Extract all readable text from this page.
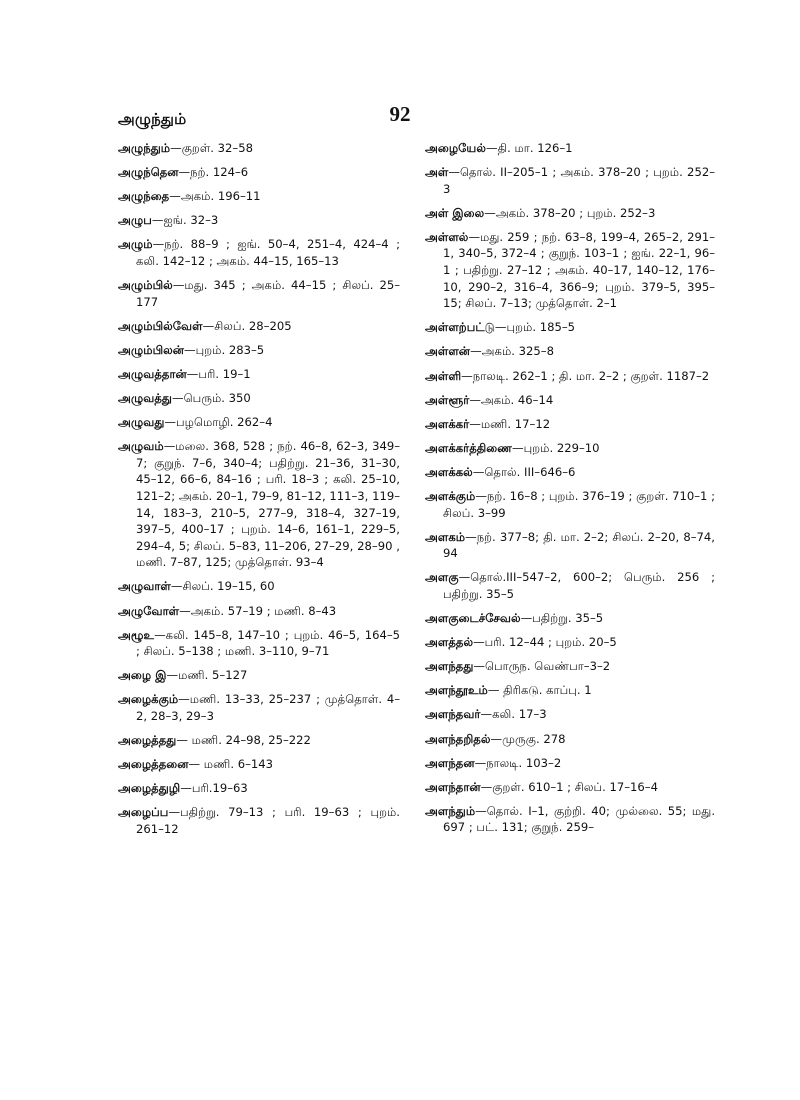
அழுந்தும்	92

அழுந்தும்—குறள். 32–58

அழுந்தென—நற். 124–6

அழுந்தை—அகம். 196–11

அழுப—ஐங். 32–3

அழும்—நற். 88–9 ; ஐங். 50–4, 251–4, 424–4 ; கலி. 142–12 ; அகம். 44–15, 165–13

அழும்பில்—மது. 345 ; அகம். 44–15 ; சிலப். 25–177

அழும்பில்வேள்—சிலப். 28–205

அழும்பிலன்—புறம். 283–5

அழுவத்தான்—பரி. 19–1

அழுவத்து—பெரும். 350

அழுவது—பழமொழி. 262–4

அழுவம்—மலை. 368, 528 ; நற். 46–8, 62–3, 349–7; குறுந். 7–6, 340–4; பதிற்று. 21–36, 31–30, 45–12, 66–6, 84–16 ; பரி. 18–3 ; கலி. 25–10, 121–2; அகம். 20–1, 79–9, 81–12, 111–3, 119–14, 183–3, 210–5, 277–9, 318–4, 327–19, 397–5, 400–17 ; புறம். 14–6, 161–1, 229–5, 294–4, 5; சிலப். 5–83, 11–206, 27–29, 28–90 , மணி. 7–87, 125; முத்தொள். 93–4

அழுவாள்—சிலப். 19–15, 60

அழுவோள்—அகம். 57–19 ; மணி. 8–43

அழூஉ—கலி. 145–8, 147–10 ; புறம். 46–5, 164–5 ; சிலப். 5–138 ; மணி. 3–110, 9–71

அழை இ—மணி. 5–127

அழைக்கும்—மணி. 13–33, 25–237 ; முத்தொள். 4–2, 28–3, 29–3

அழைத்தது— மணி. 24–98, 25–222

அழைத்தனை— மணி. 6–143

அழைத்துழி—பரி.19–63

அழைப்ப—பதிற்று. 79–13 ; பரி. 19–63 ; புறம். 261–12

அழையேல்—தி. மா. 126–1

அள்—தொல். II–205–1 ; அகம். 378–20 ; புறம். 252–3

அள் இலை—அகம். 378–20 ; புறம். 252–3

அள்ளல்—மது. 259 ; நற். 63–8, 199–4, 265–2, 291–1, 340–5, 372–4 ; குறுந். 103–1 ; ஐங். 22–1, 96–1 ; பதிற்று. 27–12 ; அகம். 40–17, 140–12, 176–10, 290–2, 316–4, 366–9; புறம். 379–5, 395–15; சிலப். 7–13; முத்தொள். 2–1

அள்ளற்பட்டு—புறம். 185–5

அள்ளன்—அகம். 325–8

அள்ளி—நாலடி. 262–1 ; தி. மா. 2–2 ; குறள். 1187–2

அள்ளூர்—அகம். 46–14

அளக்கர்—மணி. 17–12

அளக்கர்த்திணை—புறம். 229–10

அளக்கல்—தொல். III–646–6

அளக்கும்—நற். 16–8 ; புறம். 376–19 ; குறள். 710–1 ; சிலப். 3–99

அளகம்—நற். 377–8; தி. மா. 2–2; சிலப். 2–20, 8–74, 94

அளகு—தொல்.III–547–2, 600–2; பெரும். 256 ; பதிற்று. 35–5

அளகுடைச்சேவல்—பதிற்று. 35–5

அளத்தல்—பரி. 12–44 ; புறம். 20–5

அளந்தது—பொருந. வெண்பா–3–2

அளந்தூஉம்— திரிகடு. காப்பு. 1

அளந்தவர்—கலி. 17–3

அளந்தறிதல்—முருகு. 278

அளந்தன—நாலடி. 103–2

அளந்தான்—குறள். 610–1 ; சிலப். 17–16–4

அளந்தும்—தொல். I–1, குற்றி. 40; முல்லை. 55; மது. 697 ; பட். 131; குறுந். 259–
